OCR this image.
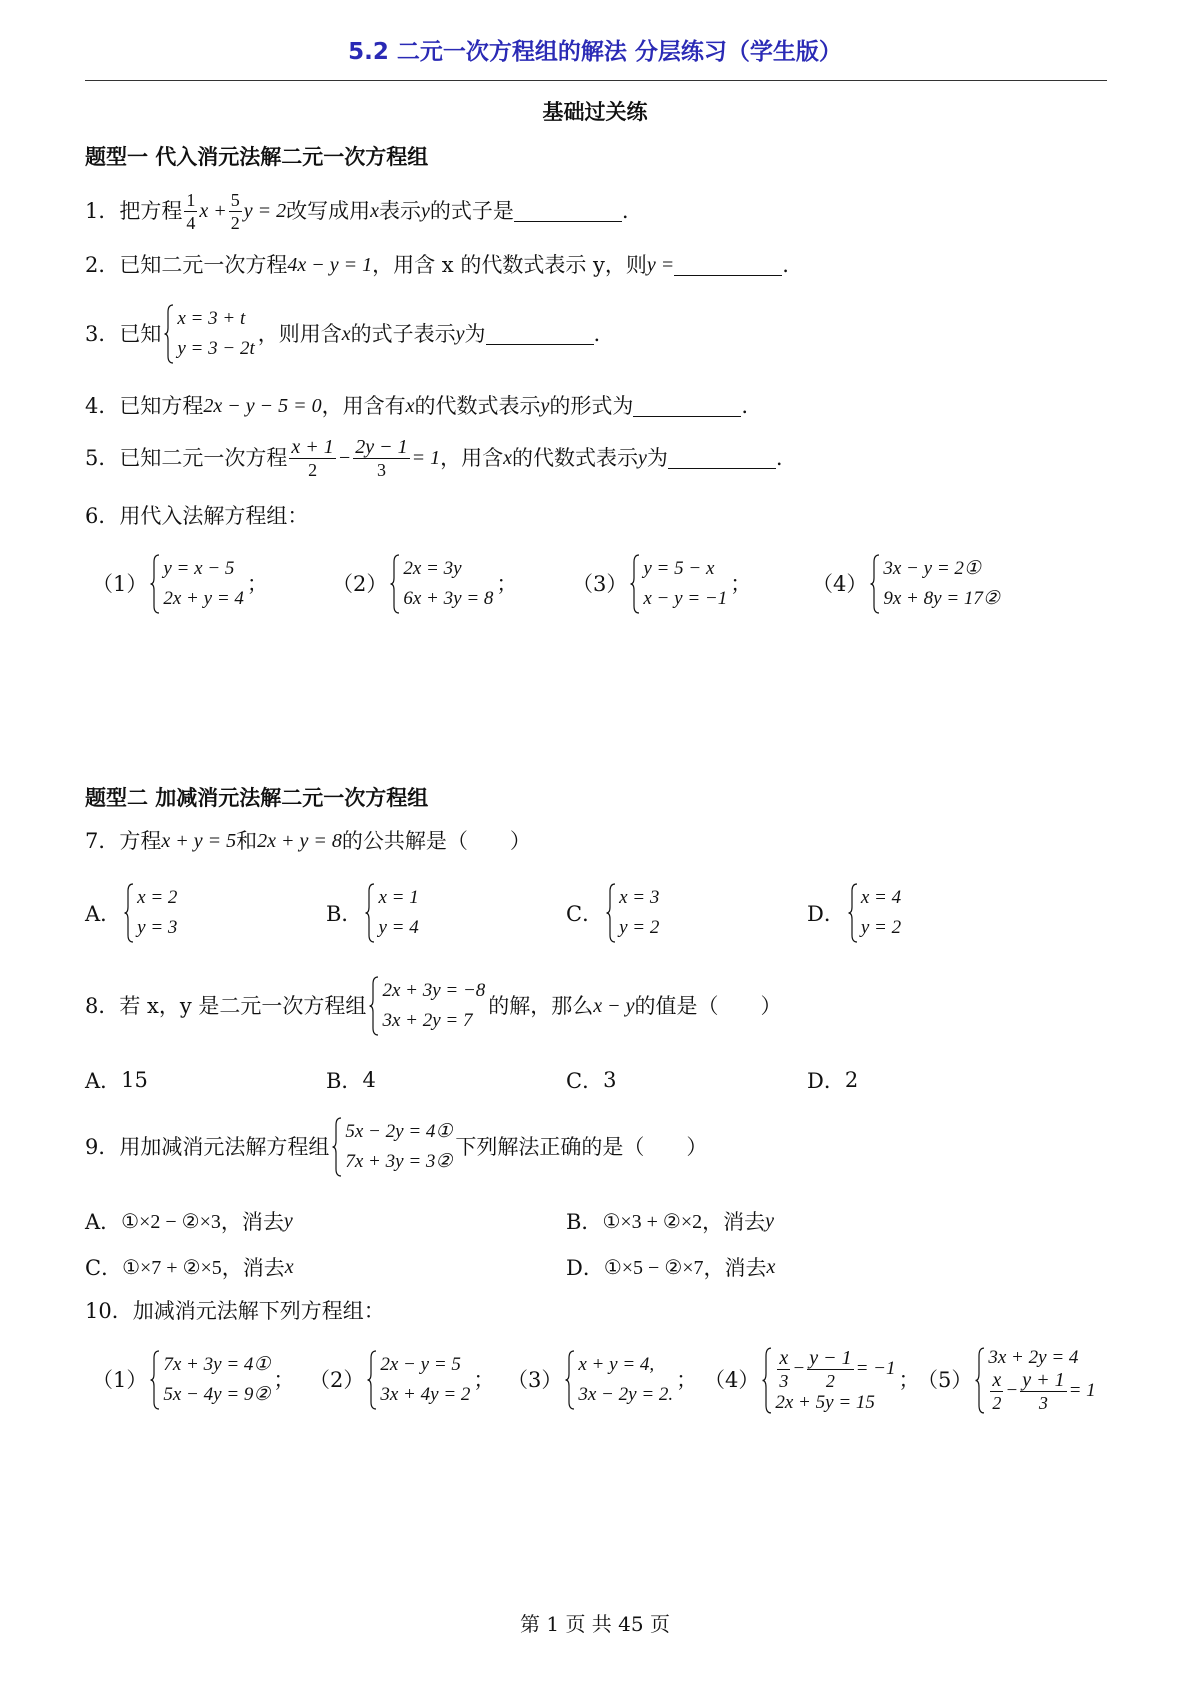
5.2 二元一次方程组的解法 分层练习（学生版）
基础过关练
题型一 代入消元法解二元一次方程组
1． 把方程 $\frac{1}{4}$ $x + \frac{5}{2}$ y = 2 改写成用 x 表示 y 的式子是	.
2． 已知二元一次方程 4x − y = 1 ，用含 x 的代数式表示 y，则 y =	.
3． 已知
x = 3 + t
y = 3 − 2t
，则用含 x 的式子表示 y 为	.
4． 已知方程 2x − y − 5 = 0 ，用含有 x 的代数式表示 y 的形式为	.
5． 已知二元一次方程 $\frac{x + 1}{2} - \frac{2y - 1}{3} = 1$ ，用含 x 的代数式表示 y 为	.
6． 用代入法解方程组：
（1）
y = x − 5
2x + y = 4
；	（2）
2x = 3y
6x + 3y = 8
；	（3）
y = 5 − x
x − y = −1
；	（4）
3x − y = 2①
9x + 8y = 17②
题型二 加减消元法解二元一次方程组
7． 方程 x + y = 5 和 2x + y = 8 的公共解是（　　）
A．
x = 2
y = 3
B．
x = 1
y = 4
C．
x = 3
y = 2
D．
x = 4
y = 2
8． 若 x，y 是二元一次方程组
2x + 3y = −8
3x + 2y = 7
的解，那么 x − y 的值是（　　）
A． 15	B． 4	C． 3	D． 2
9． 用加减消元法解方程组
5x − 2y = 4①
7x + 3y = 3②
下列解法正确的是（　　）
A． ①×2 − ②×3 ，消去 y	B． ①×3 + ②×2 ，消去 y
C． ①×7 + ②×5 ，消去 x	D． ①×5 − ②×7 ，消去 x
10． 加减消元法解下列方程组：
（1）
7x + 3y = 4①
5x − 4y = 9②
； （2）
2x − y = 5
3x + 4y = 2
； （3）
x + y = 4,
3x − 2y = 2.
； $(4) \frac{x}{3} - \frac{y - 1}{2} = -1$
2x + 5y = 15
；
（5）
3x + 2y = 4
$\frac{x}{2} - \frac{y + 1}{3} = 1$
第 1 页 共 45 页
